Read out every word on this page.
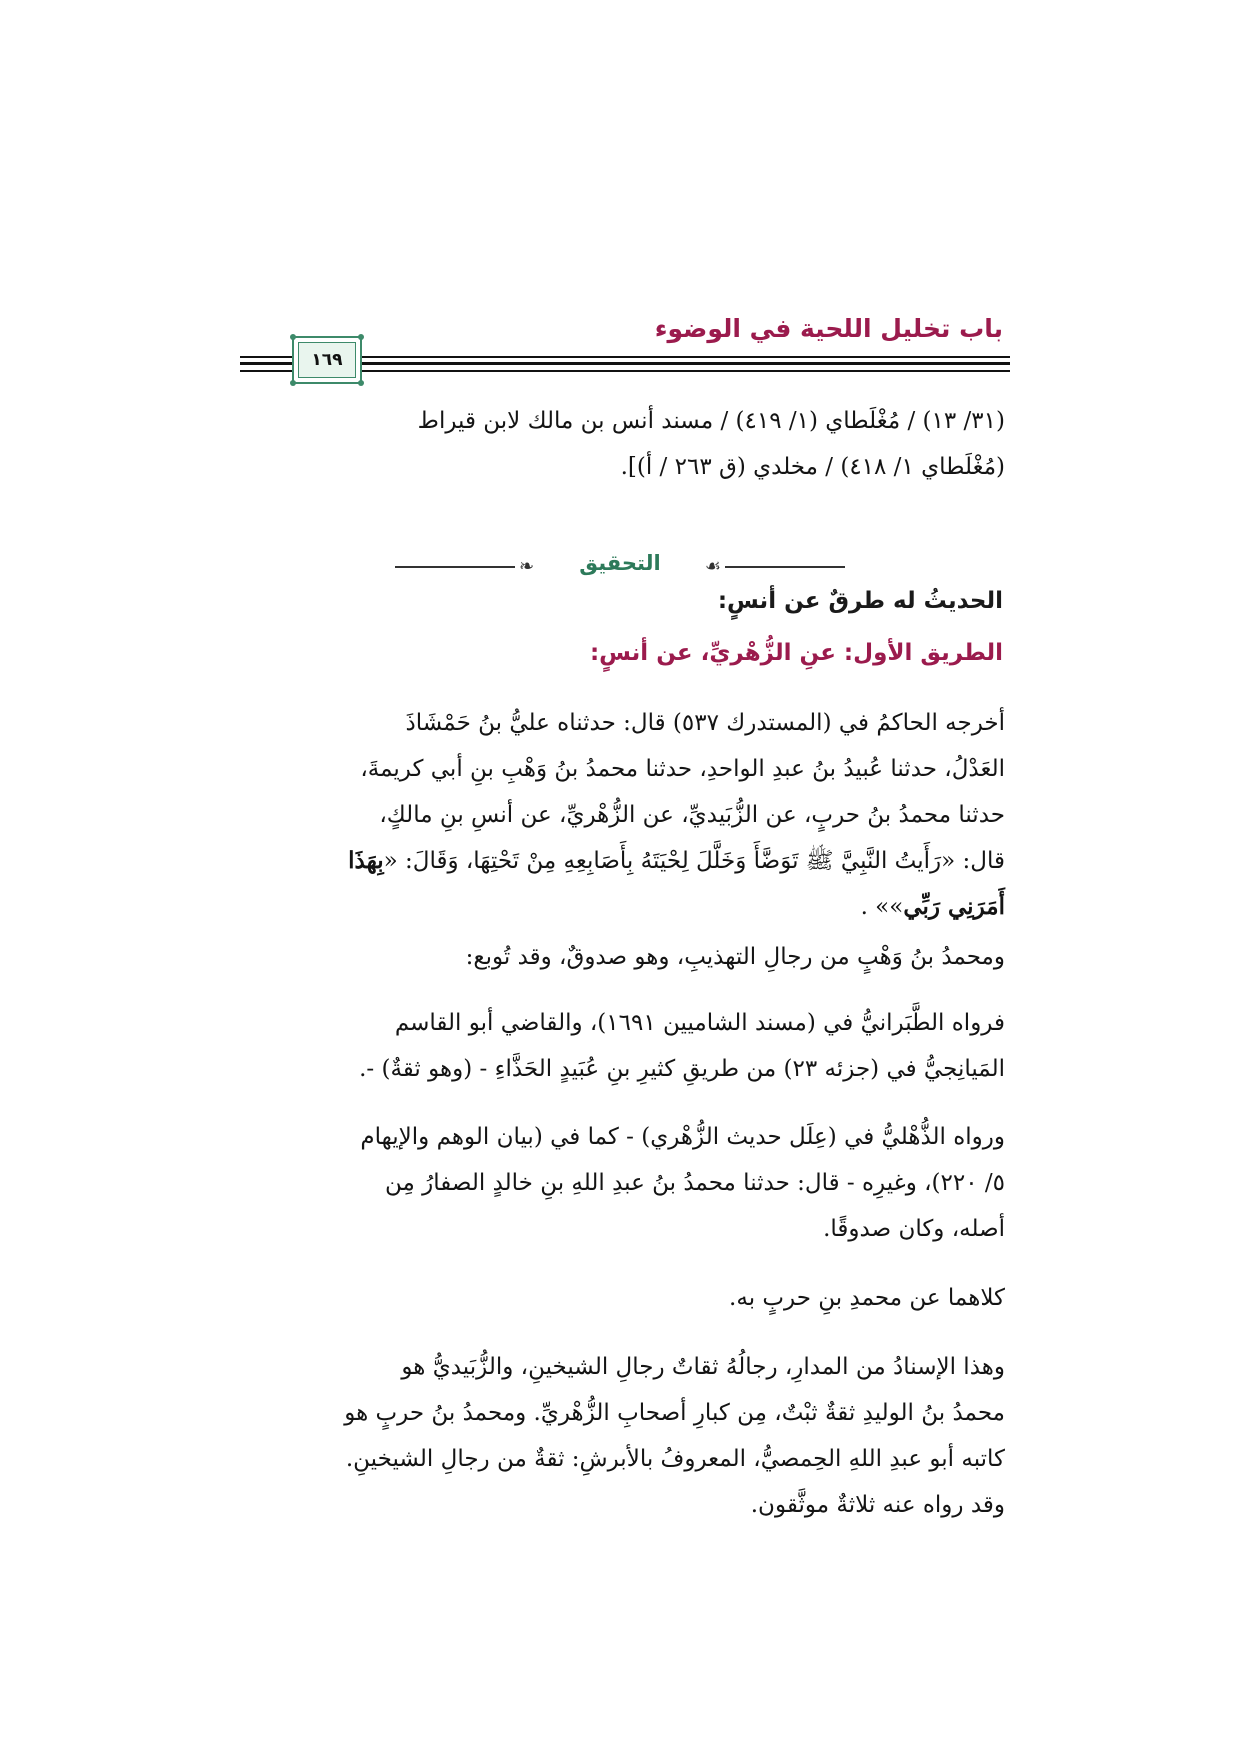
باب تخليل اللحية في الوضوء
١٦٩
(٣١/ ١٣) / مُغْلَطاي (١/ ٤١٩) / مسند أنس بن مالك لابن قيراط
(مُغْلَطاي ١/ ٤١٨) / مخلدي (ق ٢٦٣ / أ)].
❧	التحقيق	☙
الحديثُ له طرقٌ عن أنسٍ:
الطريق الأول: عنِ الزُّهْريِّ، عن أنسٍ:
أخرجه الحاكمُ في (المستدرك ٥٣٧) قال: حدثناه عليُّ بنُ حَمْشَاذَ
العَدْلُ، حدثنا عُبيدُ بنُ عبدِ الواحدِ، حدثنا محمدُ بنُ وَهْبِ بنِ أبي كريمةَ،
حدثنا محمدُ بنُ حربٍ، عن الزُّبَيديِّ، عن الزُّهْريِّ، عن أنسِ بنِ مالكٍ،
قال: «رَأَيتُ النَّبِيَّ ﷺ تَوَضَّأَ وَخَلَّلَ لِحْيَتَهُ بِأَصَابِعِهِ مِنْ تَحْتِهَا، وَقَالَ: «بِهَذَا
أَمَرَنِي رَبِّي»» .
ومحمدُ بنُ وَهْبٍ من رجالِ التهذيبِ، وهو صدوقٌ، وقد تُوبع:
فرواه الطَّبَرانيُّ في (مسند الشاميين ١٦٩١)، والقاضي أبو القاسم
المَيانِجيُّ في (جزئه ٢٣) من طريقِ كثيرِ بنِ عُبَيدٍ الحَذَّاءِ - (وهو ثقةٌ) -.
ورواه الذُّهْليُّ في (عِلَل حديث الزُّهْري) - كما في (بيان الوهم والإيهام
٥/ ٢٢٠)، وغيرِه - قال: حدثنا محمدُ بنُ عبدِ اللهِ بنِ خالدٍ الصفارُ مِن
أصله، وكان صدوقًا.
كلاهما عن محمدِ بنِ حربٍ به.
وهذا الإسنادُ من المدارِ، رجالُهُ ثقاتٌ رجالِ الشيخينِ، والزُّبَيديُّ هو
محمدُ بنُ الوليدِ ثقةٌ ثبْتٌ، مِن كبارِ أصحابِ الزُّهْريِّ. ومحمدُ بنُ حربٍ هو
كاتبه أبو عبدِ اللهِ الحِمصيُّ، المعروفُ بالأبرشِ: ثقةٌ من رجالِ الشيخينِ.
وقد رواه عنه ثلاثةٌ موثَّقون.
